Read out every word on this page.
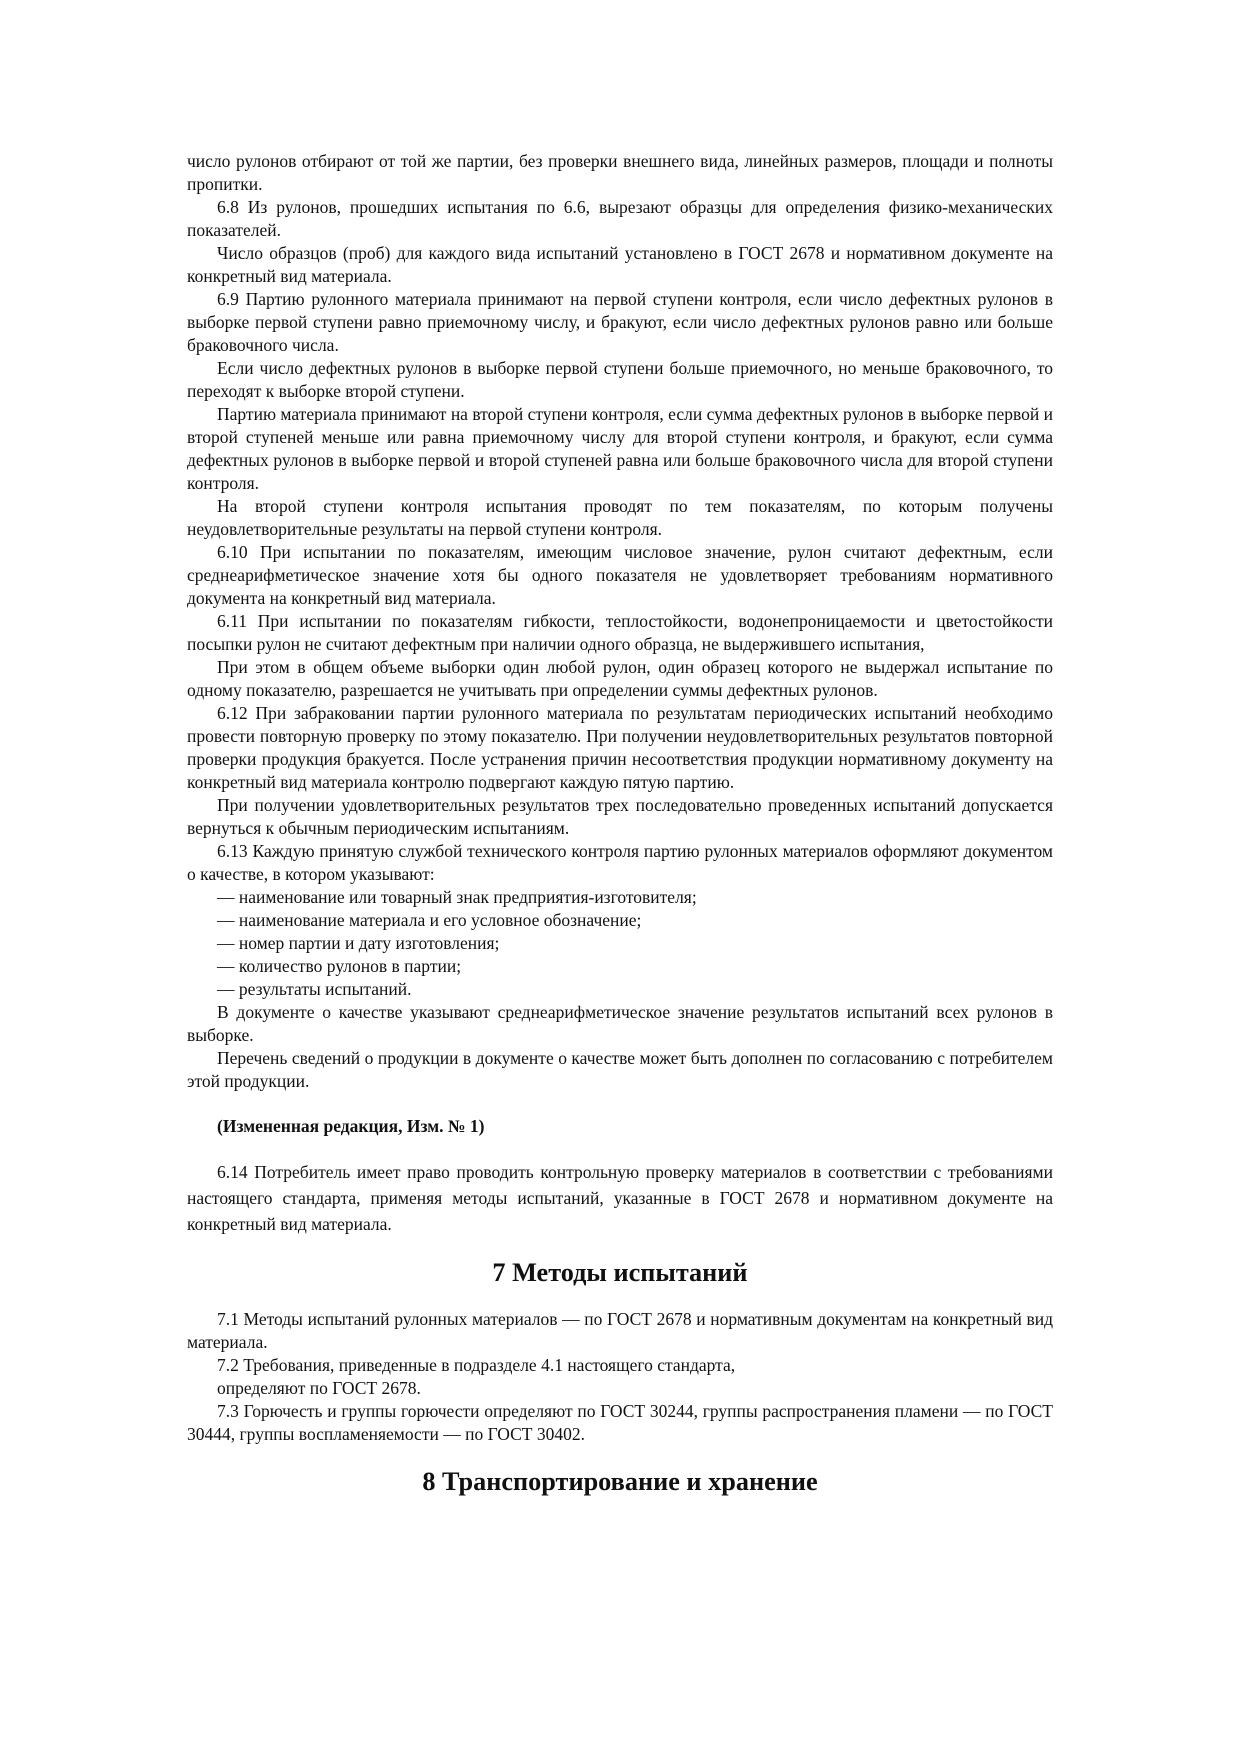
число рулонов отбирают от той же партии, без проверки внешнего вида, линейных размеров, площади и полноты пропитки.

6.8 Из рулонов, прошедших испытания по 6.6, вырезают образцы для определения физико-механических показателей.

Число образцов (проб) для каждого вида испытаний установлено в ГОСТ 2678 и нормативном документе на конкретный вид материала.

6.9 Партию рулонного материала принимают на первой ступени контроля, если число дефектных рулонов в выборке первой ступени равно приемочному числу, и бракуют, если число дефектных рулонов равно или больше браковочного числа.

Если число дефектных рулонов в выборке первой ступени больше приемочного, но меньше браковочного, то переходят к выборке второй ступени.

Партию материала принимают на второй ступени контроля, если сумма дефектных рулонов в выборке первой и второй ступеней меньше или равна приемочному числу для второй ступени контроля, и бракуют, если сумма дефектных рулонов в выборке первой и второй ступеней равна или больше браковочного числа для второй ступени контроля.

На второй ступени контроля испытания проводят по тем показателям, по которым получены неудовлетворительные результаты на первой ступени контроля.

6.10 При испытании по показателям, имеющим числовое значение, рулон считают дефектным, если среднеарифметическое значение хотя бы одного показателя не удовлетворяет требованиям нормативного документа на конкретный вид материала.

6.11 При испытании по показателям гибкости, теплостойкости, водонепроницаемости и цветостойкости посыпки рулон не считают дефектным при наличии одного образца, не выдержившего испытания,

При этом в общем объеме выборки один любой рулон, один образец которого не выдержал испытание по одному показателю, разрешается не учитывать при определении суммы дефектных рулонов.

6.12 При забраковании партии рулонного материала по результатам периодических испытаний необходимо провести повторную проверку по этому показателю. При получении неудовлетворительных результатов повторной проверки продукция бракуется. После устранения причин несоответствия продукции нормативному документу на конкретный вид материала контролю подвергают каждую пятую партию.

При получении удовлетворительных результатов трех последовательно проведенных испытаний допускается вернуться к обычным периодическим испытаниям.

6.13 Каждую принятую службой технического контроля партию рулонных материалов оформляют документом о качестве, в котором указывают:

— наименование или товарный знак предприятия-изготовителя;

— наименование материала и его условное обозначение;

— номер партии и дату изготовления;

— количество рулонов в партии;

— результаты испытаний.

В документе о качестве указывают среднеарифметическое значение результатов испытаний всех рулонов в выборке.

Перечень сведений о продукции в документе о качестве может быть дополнен по согласованию с потребителем этой продукции.

(Измененная редакция, Изм. № 1)

6.14 Потребитель имеет право проводить контрольную проверку материалов в соответствии с требованиями настоящего стандарта, применяя методы испытаний, указанные в ГОСТ 2678 и нормативном документе на конкретный вид материала.

7 Методы испытаний

7.1 Методы испытаний рулонных материалов — по ГОСТ 2678 и нормативным документам на конкретный вид материала.

7.2 Требования, приведенные в подразделе 4.1 настоящего стандарта,

определяют по ГОСТ 2678.

7.3 Горючесть и группы горючести определяют по ГОСТ 30244, группы распространения пламени — по ГОСТ 30444, группы воспламеняемости — по ГОСТ 30402.

8 Транспортирование и хранение
